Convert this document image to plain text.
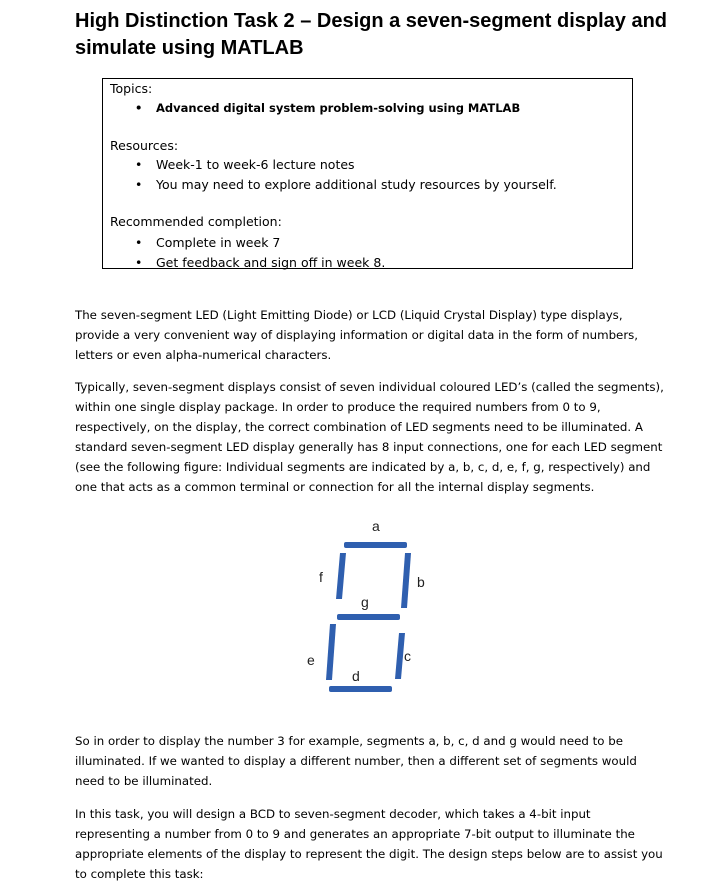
High Distinction Task 2 – Design a seven-segment display and simulate using MATLAB
Topics:
• Advanced digital system problem-solving using MATLAB
Resources:
• Week-1 to week-6 lecture notes
• You may need to explore additional study resources by yourself.
Recommended completion:
• Complete in week 7
• Get feedback and sign off in week 8.

The seven-segment LED (Light Emitting Diode) or LCD (Liquid Crystal Display) type displays, provide a very convenient way of displaying information or digital data in the form of numbers, letters or even alpha-numerical characters.

Typically, seven-segment displays consist of seven individual coloured LED’s (called the segments), within one single display package. In order to produce the required numbers from 0 to 9, respectively, on the display, the correct combination of LED segments need to be illuminated. A standard seven-segment LED display generally has 8 input connections, one for each LED segment (see the following figure: Individual segments are indicated by a, b, c, d, e, f, g, respectively) and one that acts as a common terminal or connection for all the internal display segments.

a
f	b
g
e	c
d

So in order to display the number 3 for example, segments a, b, c, d and g would need to be illuminated. If we wanted to display a different number, then a different set of segments would need to be illuminated.

In this task, you will design a BCD to seven-segment decoder, which takes a 4-bit input representing a number from 0 to 9 and generates an appropriate 7-bit output to illuminate the appropriate elements of the display to represent the digit. The design steps below are to assist you to complete this task:
